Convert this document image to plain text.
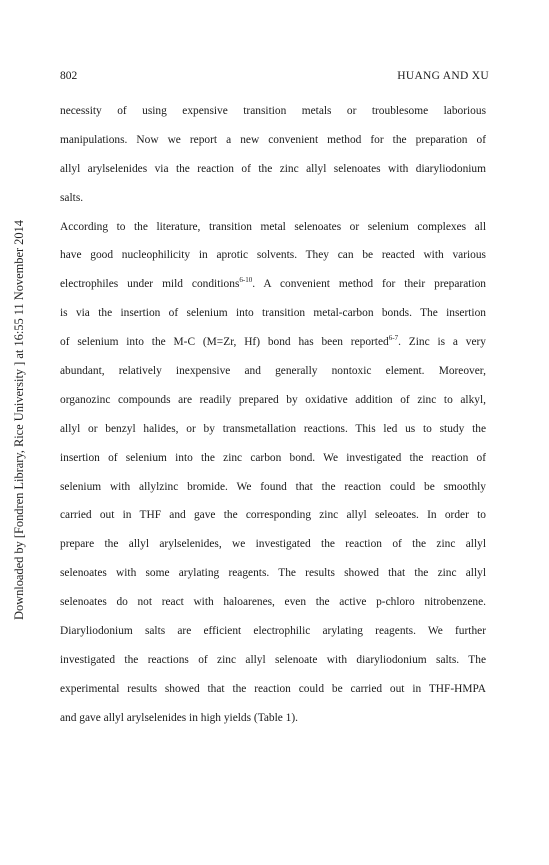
Downloaded by [Fondren Library, Rice University ] at 16:55 11 November 2014
802	HUANG AND XU
necessity of using expensive transition metals or troublesome laborious
manipulations. Now we report a new convenient method for the preparation of
allyl arylselenides via the reaction of the zinc allyl selenoates with diaryliodonium
salts.
According to the literature, transition metal selenoates or selenium complexes all
have good nucleophilicity in aprotic solvents. They can be reacted with various
electrophiles under mild conditions$^{6-10}$. A convenient method for their preparation
is via the insertion of selenium into transition metal-carbon bonds. The insertion
of selenium into the M-C (M=Zr, Hf) bond has been reported$^{6-7}$. Zinc is a very
abundant, relatively inexpensive and generally nontoxic element. Moreover,
organozinc compounds are readily prepared by oxidative addition of zinc to alkyl,
allyl or benzyl halides, or by transmetallation reactions. This led us to study the
insertion of selenium into the zinc carbon bond. We investigated the reaction of
selenium with allylzinc bromide. We found that the reaction could be smoothly
carried out in THF and gave the corresponding zinc allyl seleoates. In order to
prepare the allyl arylselenides, we investigated the reaction of the zinc allyl
selenoates with some arylating reagents. The results showed that the zinc allyl
selenoates do not react with haloarenes, even the active p-chloro nitrobenzene.
Diaryliodonium salts are efficient electrophilic arylating reagents. We further
investigated the reactions of zinc allyl selenoate with diaryliodonium salts. The
experimental results showed that the reaction could be carried out in THF-HMPA
and gave allyl arylselenides in high yields (Table 1).
